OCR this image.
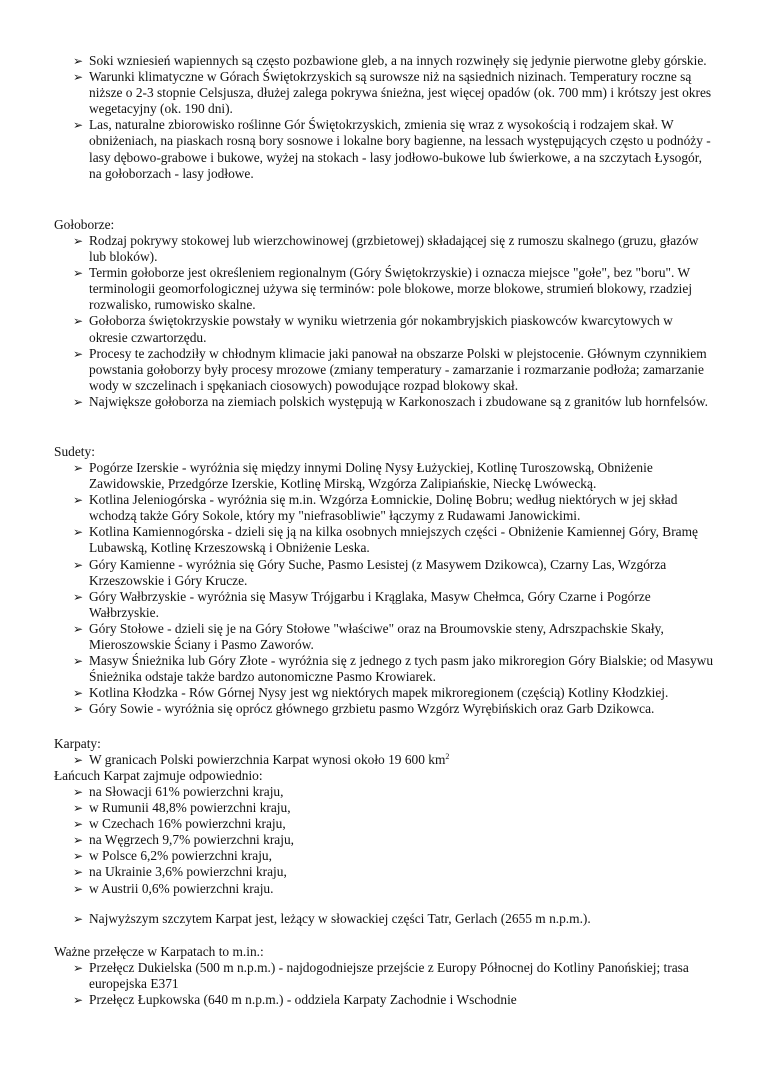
➢ Soki wzniesień wapiennych są często pozbawione gleb, a na innych rozwinęły się jedynie pierwotne gleby górskie.
➢ Warunki klimatyczne w Górach Świętokrzyskich są surowsze niż na sąsiednich nizinach. Temperatury roczne są niższe o 2-3 stopnie Celsjusza, dłużej zalega pokrywa śnieżna, jest więcej opadów (ok. 700 mm) i krótszy jest okres wegetacyjny (ok. 190 dni).
➢ Las, naturalne zbiorowisko roślinne Gór Świętokrzyskich, zmienia się wraz z wysokością i rodzajem skał. W obniżeniach, na piaskach rosną bory sosnowe i lokalne bory bagienne, na lessach występujących często u podnóży - lasy dębowo-grabowe i bukowe, wyżej na stokach - lasy jodłowo-bukowe lub świerkowe, a na szczytach Łysogór, na gołoborzach - lasy jodłowe.
Gołoborze:
➢ Rodzaj pokrywy stokowej lub wierzchowinowej (grzbietowej) składającej się z rumoszu skalnego (gruzu, głazów lub bloków).
➢ Termin gołoborze jest określeniem regionalnym (Góry Świętokrzyskie) i oznacza miejsce "gołe", bez "boru". W terminologii geomorfologicznej używa się terminów: pole blokowe, morze blokowe, strumień blokowy, rzadziej rozwalisko, rumowisko skalne.
➢ Gołoborza świętokrzyskie powstały w wyniku wietrzenia gór nokambryjskich piaskowców kwarcytowych w okresie czwartorzędu.
➢ Procesy te zachodziły w chłodnym klimacie jaki panował na obszarze Polski w plejstocenie. Głównym czynnikiem powstania gołoborzy były procesy mrozowe (zmiany temperatury - zamarzanie i rozmarzanie podłoża; zamarzanie wody w szczelinach i spękaniach ciosowych) powodujące rozpad blokowy skał.
➢ Największe gołoborza na ziemiach polskich występują w Karkonoszach i zbudowane są z granitów lub hornfelsów.
Sudety:
➢ Pogórze Izerskie - wyróżnia się między innymi Dolinę Nysy Łużyckiej, Kotlinę Turoszowską, Obniżenie Zawidowskie, Przedgórze Izerskie, Kotlinę Mirską, Wzgórza Zalipiańskie, Nieckę Lwówecką.
➢ Kotlina Jeleniogórska - wyróżnia się m.in. Wzgórza Łomnickie, Dolinę Bobru; według niektórych w jej skład wchodzą także Góry Sokole, który my "niefrasobliwie" łączymy z Rudawami Janowickimi.
➢ Kotlina Kamiennogórska - dzieli się ją na kilka osobnych mniejszych części - Obniżenie Kamiennej Góry, Bramę Lubawską, Kotlinę Krzeszowską i Obniżenie Leska.
➢ Góry Kamienne - wyróżnia się Góry Suche, Pasmo Lesistej (z Masywem Dzikowca), Czarny Las, Wzgórza Krzeszowskie i Góry Krucze.
➢ Góry Wałbrzyskie - wyróżnia się Masyw Trójgarbu i Krąglaka, Masyw Chełmca, Góry Czarne i Pogórze Wałbrzyskie.
➢ Góry Stołowe - dzieli się je na Góry Stołowe "właściwe" oraz na Broumovskie steny, Adrszpachskie Skały, Mieroszowskie Ściany i Pasmo Zaworów.
➢ Masyw Śnieżnika lub Góry Złote - wyróżnia się z jednego z tych pasm jako mikroregion Góry Bialskie; od Masywu Śnieżnika odstaje także bardzo autonomiczne Pasmo Krowiarek.
➢ Kotlina Kłodzka - Rów Górnej Nysy jest wg niektórych mapek mikroregionem (częścią) Kotliny Kłodzkiej.
➢ Góry Sowie - wyróżnia się oprócz głównego grzbietu pasmo Wzgórz Wyrębińskich oraz Garb Dzikowca.
Karpaty:
➢ W granicach Polski powierzchnia Karpat wynosi około 19 600 $km^2$
Łańcuch Karpat zajmuje odpowiednio:
➢ na Słowacji 61% powierzchni kraju,
➢ w Rumunii 48,8% powierzchni kraju,
➢ w Czechach 16% powierzchni kraju,
➢ na Węgrzech 9,7% powierzchni kraju,
➢ w Polsce 6,2% powierzchni kraju,
➢ na Ukrainie 3,6% powierzchni kraju,
➢ w Austrii 0,6% powierzchni kraju.
➢ Najwyższym szczytem Karpat jest, leżący w słowackiej części Tatr, Gerlach (2655 m n.p.m.).
Ważne przełęcze w Karpatach to m.in.:
➢ Przełęcz Dukielska (500 m n.p.m.) - najdogodniejsze przejście z Europy Północnej do Kotliny Panońskiej; trasa europejska E371
➢ Przełęcz Łupkowska (640 m n.p.m.) - oddziela Karpaty Zachodnie i Wschodnie
